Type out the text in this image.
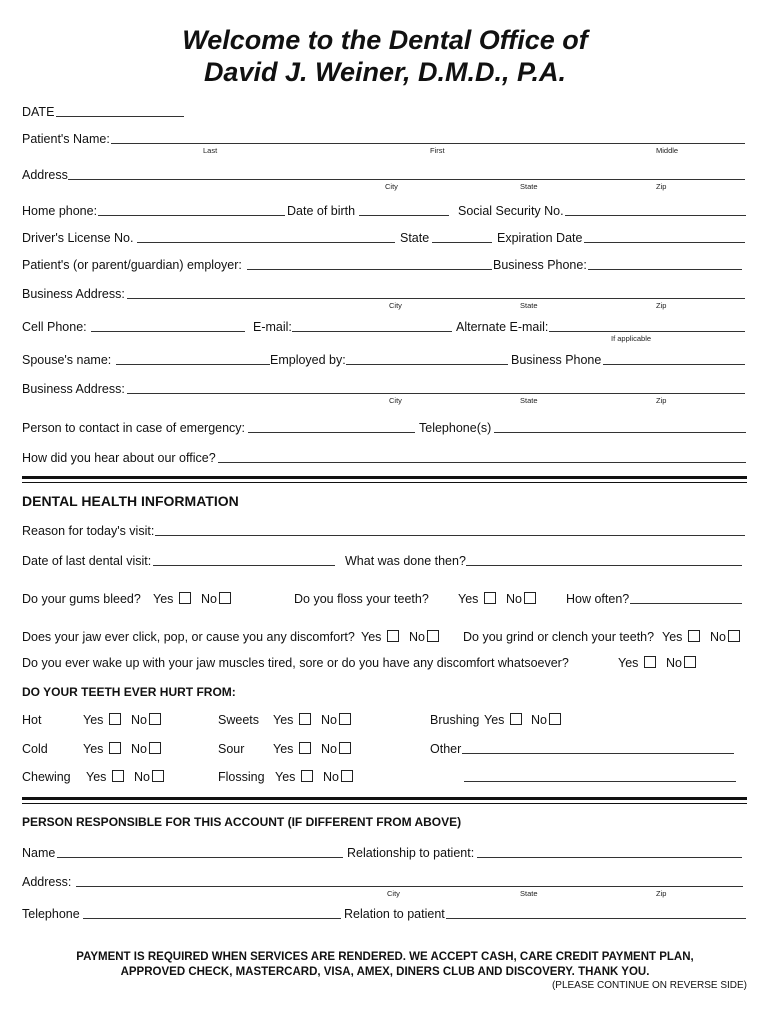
Welcome to the Dental Office of
David J. Weiner, D.M.D., P.A.
DATE
Patient's Name:
Last	First	Middle
Address
City	State	Zip
Home phone:	Date of birth	Social Security No.
Driver's License No.	State	Expiration Date
Patient's (or parent/guardian) employer:	Business Phone:
Business Address:
City	State	Zip
Cell Phone:	E-mail:	Alternate E-mail:
If applicable
Spouse's name:	Employed by:	Business Phone
Business Address:
City	State	Zip
Person to contact in case of emergency:	Telephone(s)
How did you hear about our office?
DENTAL HEALTH INFORMATION
Reason for today's visit:
Date of last dental visit:	What was done then?
Do your gums bleed? Yes	No	Do you floss your teeth? Yes	No	How often?
Does your jaw ever click, pop, or cause you any discomfort? Yes	No	Do you grind or clench your teeth? Yes	No
Do you ever wake up with your jaw muscles tired, sore or do you have any discomfort whatsoever?	Yes	No
DO YOUR TEETH EVER HURT FROM:
Hot	Yes	No	Sweets Yes	No	Brushing Yes	No
Cold	Yes	No	Sour Yes	No	Other
Chewing Yes	No	Flossing Yes	No
PERSON RESPONSIBLE FOR THIS ACCOUNT (IF DIFFERENT FROM ABOVE)
Name	Relationship to patient:
Address:
City	State	Zip
Telephone	Relation to patient
PAYMENT IS REQUIRED WHEN SERVICES ARE RENDERED. WE ACCEPT CASH, CARE CREDIT PAYMENT PLAN,
APPROVED CHECK, MASTERCARD, VISA, AMEX, DINERS CLUB AND DISCOVERY. THANK YOU.
(PLEASE CONTINUE ON REVERSE SIDE)
